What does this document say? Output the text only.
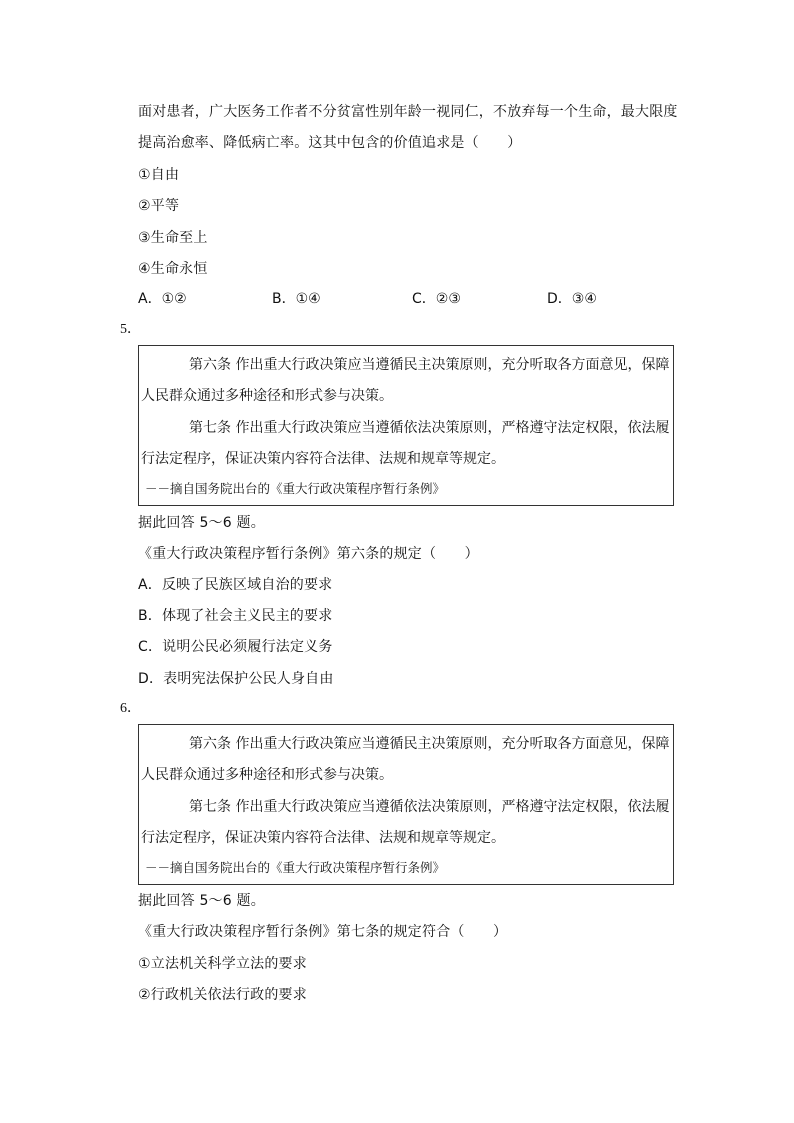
面对患者，广大医务工作者不分贫富性别年龄一视同仁，不放弃每一个生命，最大限度
提高治愈率、降低病亡率。这其中包含的价值追求是（　　）
①自由
②平等
③生命至上
④生命永恒
A．①②	B．①④	C．②③	D．③④
5．
第六条 作出重大行政决策应当遵循民主决策原则，充分听取各方面意见，保障
人民群众通过多种途径和形式参与决策。
第七条 作出重大行政决策应当遵循依法决策原则，严格遵守法定权限，依法履
行法定程序，保证决策内容符合法律、法规和规章等规定。
－－摘自国务院出台的《重大行政决策程序暂行条例》
据此回答 5～6 题。
《重大行政决策程序暂行条例》第六条的规定（　　）
A．反映了民族区域自治的要求
B．体现了社会主义民主的要求
C．说明公民必须履行法定义务
D．表明宪法保护公民人身自由
6．
第六条 作出重大行政决策应当遵循民主决策原则，充分听取各方面意见，保障
人民群众通过多种途径和形式参与决策。
第七条 作出重大行政决策应当遵循依法决策原则，严格遵守法定权限，依法履
行法定程序，保证决策内容符合法律、法规和规章等规定。
－－摘自国务院出台的《重大行政决策程序暂行条例》
据此回答 5～6 题。
《重大行政决策程序暂行条例》第七条的规定符合（　　）
①立法机关科学立法的要求
②行政机关依法行政的要求
